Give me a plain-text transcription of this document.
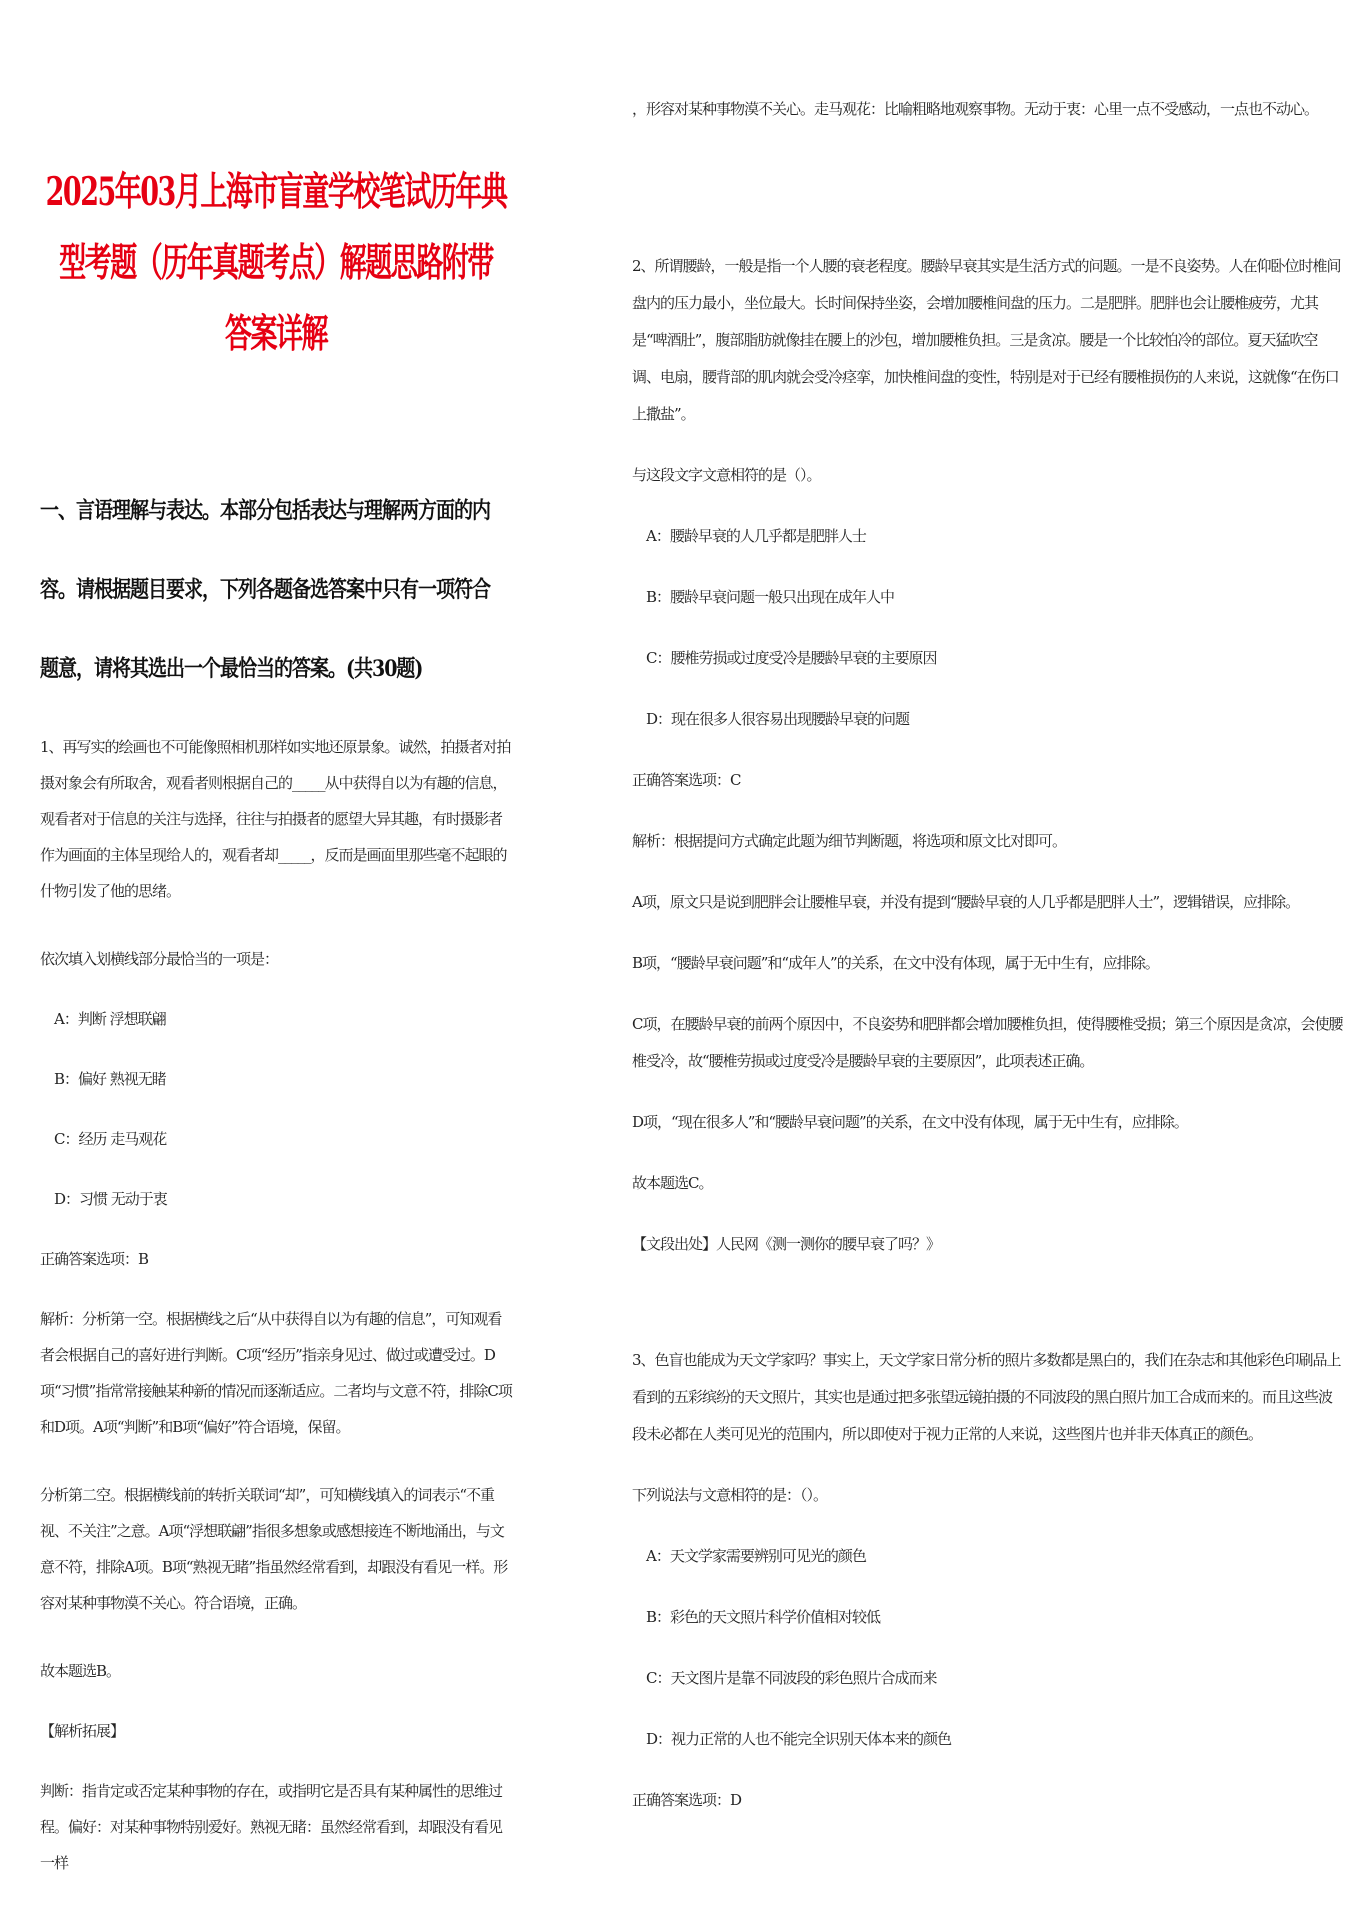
2025年03月上海市盲童学校笔试历年典
型考题（历年真题考点）解题思路附带
答案详解
一、言语理解与表达。本部分包括表达与理解两方面的内
容。请根据题目要求，下列各题备选答案中只有一项符合
题意，请将其选出一个最恰当的答案。(共30题)

1、再写实的绘画也不可能像照相机那样如实地还原景象。诚然，拍摄者对拍摄对象会有所取舍，观看者则根据自己的_____从中获得自以为有趣的信息，观看者对于信息的关注与选择，往往与拍摄者的愿望大异其趣，有时摄影者作为画面的主体呈现给人的，观看者却_____，反而是画面里那些毫不起眼的什物引发了他的思绪。

依次填入划横线部分最恰当的一项是：

A：判断 浮想联翩

B：偏好 熟视无睹

C：经历 走马观花

D：习惯 无动于衷

正确答案选项：B

解析：分析第一空。根据横线之后“从中获得自以为有趣的信息”，可知观看者会根据自己的喜好进行判断。C项“经历”指亲身见过、做过或遭受过。D项“习惯”指常常接触某种新的情况而逐渐适应。二者均与文意不符，排除C项和D项。A项“判断”和B项“偏好”符合语境，保留。

分析第二空。根据横线前的转折关联词“却”，可知横线填入的词表示“不重视、不关注”之意。A项“浮想联翩”指很多想象或感想接连不断地涌出，与文意不符，排除A项。B项“熟视无睹”指虽然经常看到，却跟没有看见一样。形容对某种事物漠不关心。符合语境，正确。

故本题选B。

【解析拓展】

判断：指肯定或否定某种事物的存在，或指明它是否具有某种属性的思维过程。偏好：对某种事物特别爱好。熟视无睹：虽然经常看到，却跟没有看见一样

，形容对某种事物漠不关心。走马观花：比喻粗略地观察事物。无动于衷：心里一点不受感动，一点也不动心。

2、所谓腰龄，一般是指一个人腰的衰老程度。腰龄早衰其实是生活方式的问题。一是不良姿势。人在仰卧位时椎间盘内的压力最小，坐位最大。长时间保持坐姿，会增加腰椎间盘的压力。二是肥胖。肥胖也会让腰椎疲劳，尤其是“啤酒肚”，腹部脂肪就像挂在腰上的沙包，增加腰椎负担。三是贪凉。腰是一个比较怕冷的部位。夏天猛吹空调、电扇，腰背部的肌肉就会受冷痉挛，加快椎间盘的变性，特别是对于已经有腰椎损伤的人来说，这就像“在伤口上撒盐”。

与这段文字文意相符的是（）。

A：腰龄早衰的人几乎都是肥胖人士

B：腰龄早衰问题一般只出现在成年人中

C：腰椎劳损或过度受冷是腰龄早衰的主要原因

D：现在很多人很容易出现腰龄早衰的问题

正确答案选项：C

解析：根据提问方式确定此题为细节判断题，将选项和原文比对即可。

A项，原文只是说到肥胖会让腰椎早衰，并没有提到“腰龄早衰的人几乎都是肥胖人士”，逻辑错误，应排除。

B项，“腰龄早衰问题”和“成年人”的关系，在文中没有体现，属于无中生有，应排除。

C项，在腰龄早衰的前两个原因中，不良姿势和肥胖都会增加腰椎负担，使得腰椎受损；第三个原因是贪凉，会使腰椎受冷，故“腰椎劳损或过度受冷是腰龄早衰的主要原因”，此项表述正确。

D项，“现在很多人”和“腰龄早衰问题”的关系，在文中没有体现，属于无中生有，应排除。

故本题选C。

【文段出处】人民网《测一测你的腰早衰了吗？》

3、色盲也能成为天文学家吗？事实上，天文学家日常分析的照片多数都是黑白的，我们在杂志和其他彩色印刷品上看到的五彩缤纷的天文照片，其实也是通过把多张望远镜拍摄的不同波段的黑白照片加工合成而来的。而且这些波段未必都在人类可见光的范围内，所以即使对于视力正常的人来说，这些图片也并非天体真正的颜色。

下列说法与文意相符的是：（）。

A：天文学家需要辨别可见光的颜色

B：彩色的天文照片科学价值相对较低

C：天文图片是靠不同波段的彩色照片合成而来

D：视力正常的人也不能完全识别天体本来的颜色

正确答案选项：D
